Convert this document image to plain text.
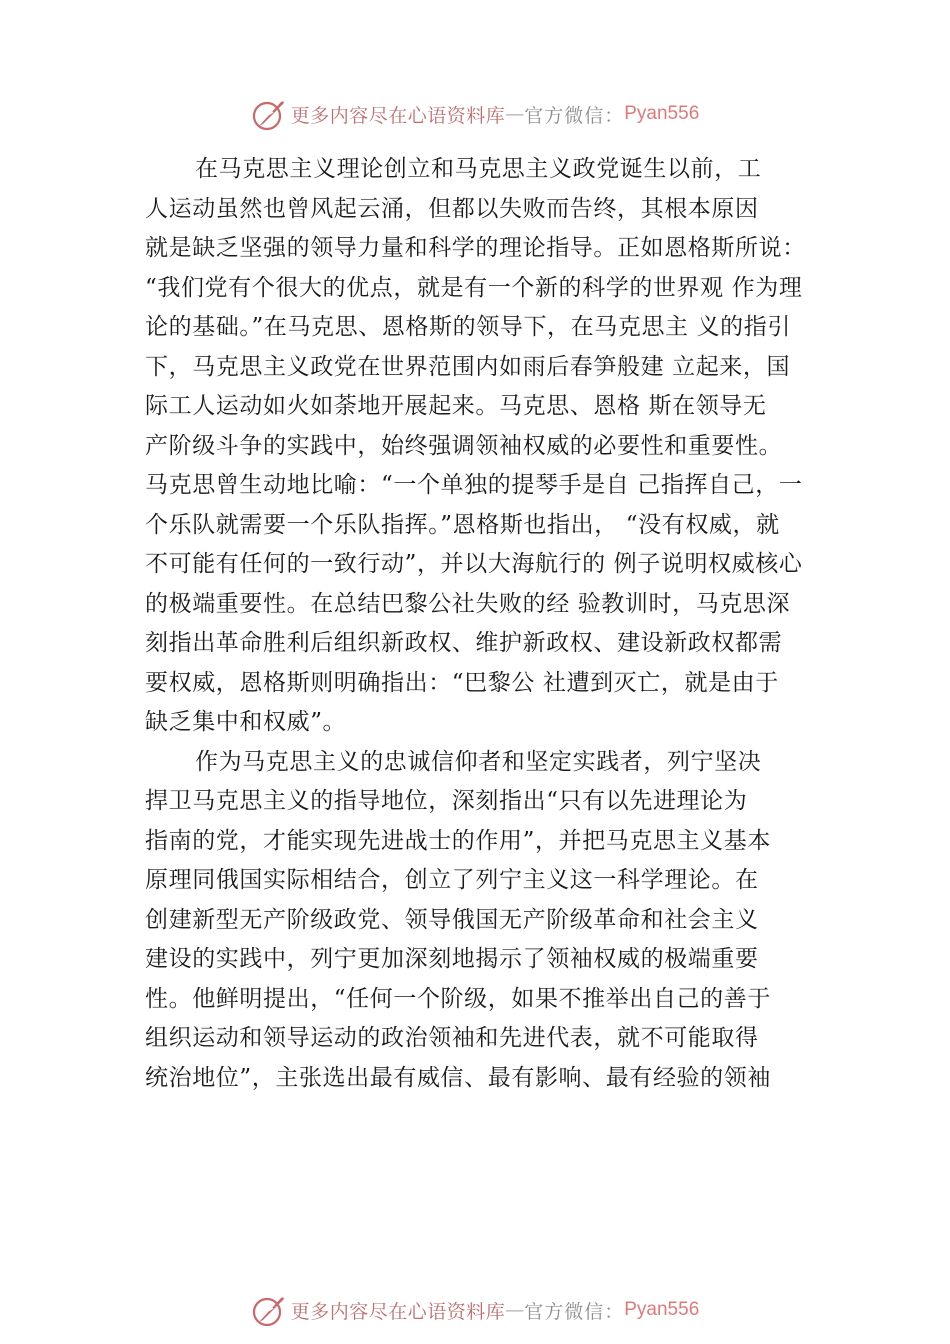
更多内容尽在心语资料库 — 官方微信： Pyan556
在马克思主义理论创立和马克思主义政党诞生以前，工
人运动虽然也曾风起云涌，但都以失败而告终，其根本原因
就是缺乏坚强的领导力量和科学的理论指导。正如恩格斯所说：
“我们党有个很大的优点，就是有一个新的科学的世界观 作为理
论的基础。”在马克思、恩格斯的领导下，在马克思主 义的指引
下，马克思主义政党在世界范围内如雨后春笋般建 立起来，国
际工人运动如火如荼地开展起来。马克思、恩格 斯在领导无
产阶级斗争的实践中，始终强调领袖权威的必要性和重要性。
马克思曾生动地比喻：“一个单独的提琴手是自 己指挥自己，一
个乐队就需要一个乐队指挥。”恩格斯也指出， “没有权威，就
不可能有任何的一致行动”，并以大海航行的 例子说明权威核心
的极端重要性。在总结巴黎公社失败的经 验教训时，马克思深
刻指出革命胜利后组织新政权、维护新政权、建设新政权都需
要权威，恩格斯则明确指出：“巴黎公 社遭到灭亡，就是由于
缺乏集中和权威”。
作为马克思主义的忠诚信仰者和坚定实践者，列宁坚决
捍卫马克思主义的指导地位，深刻指出“只有以先进理论为
指南的党，才能实现先进战士的作用”，并把马克思主义基本
原理同俄国实际相结合，创立了列宁主义这一科学理论。在
创建新型无产阶级政党、领导俄国无产阶级革命和社会主义
建设的实践中，列宁更加深刻地揭示了领袖权威的极端重要
性。他鲜明提出，“任何一个阶级，如果不推举出自己的善于
组织运动和领导运动的政治领袖和先进代表，就不可能取得
统治地位”，主张选出最有威信、最有影响、最有经验的领袖
更多内容尽在心语资料库 — 官方微信： Pyan556
